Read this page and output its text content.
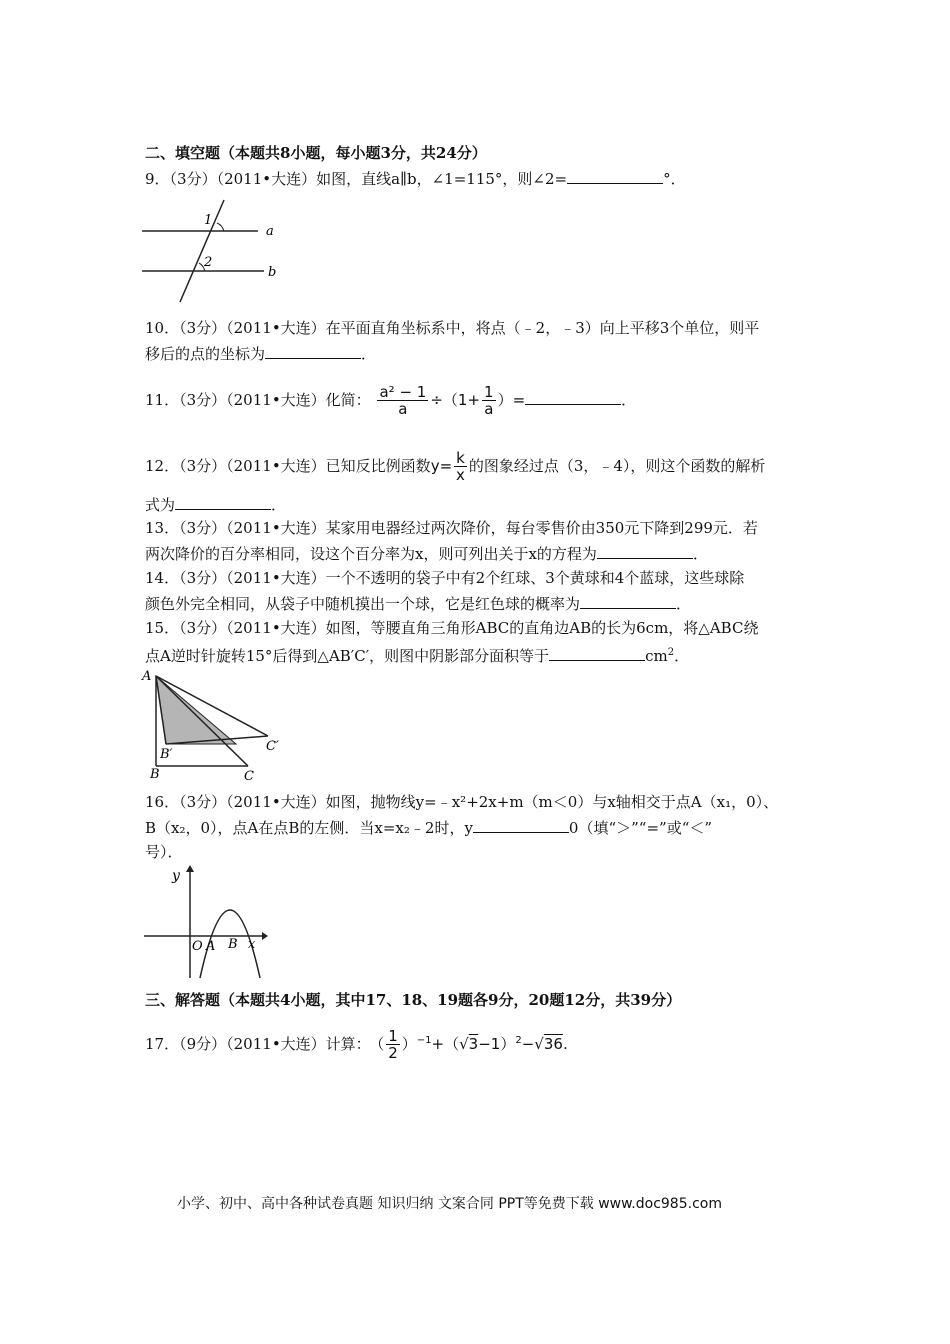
二、填空题（本题共8小题，每小题3分，共24分）
9．（3分）（2011•大连）如图，直线a∥b，∠1=115°，则∠2=	°．
1
2
a
b
10．（3分）（2011•大连）在平面直角坐标系中，将点（﹣2，﹣3）向上平移3个单位，则平
移后的点的坐标为	．
11．（3分）（2011•大连）化简： $\frac{\text{a² − 1}}{a} \div(1+ \frac{1}{a}$ ）=	．
12．（3分）（2011•大连）已知反比例函数$y= \frac{k}{x}$ 的图象经过点（3，﹣4），则这个函数的解析
式为	．
13．（3分）（2011•大连）某家用电器经过两次降价，每台零售价由350元下降到299元．若
两次降价的百分率相同，设这个百分率为x，则可列出关于x的方程为	．
14．（3分）（2011•大连）一个不透明的袋子中有2个红球、3个黄球和4个蓝球，这些球除
颜色外完全相同，从袋子中随机摸出一个球，它是红色球的概率为	．
15．（3分）（2011•大连）如图，等腰直角三角形ABC的直角边AB的长为6cm，将△ABC绕
点A逆时针旋转15°后得到△AB′C′，则图中阴影部分面积等于	$cm^2$．
A
B	C
B′
C′
16．（3分）（2011•大连）如图，抛物线y=﹣x²+2x+m（m＜0）与x轴相交于点A（x₁，0）、
B（x₂，0），点A在点B的左侧．当x=x₂﹣2时，y	0（填“＞”“=”或“＜”
号）．
y
O A B x
三、解答题（本题共4小题，其中17、18、19题各9分，20题12分，共39分）
17．（9分）（2011•大连）计算： （ $\frac{1}{2} )^{-1}+(√3-1)^2-√36$.
小学、初中、高中各种试卷真题 知识归纳 文案合同 PPT等免费下载 www.doc985.com
